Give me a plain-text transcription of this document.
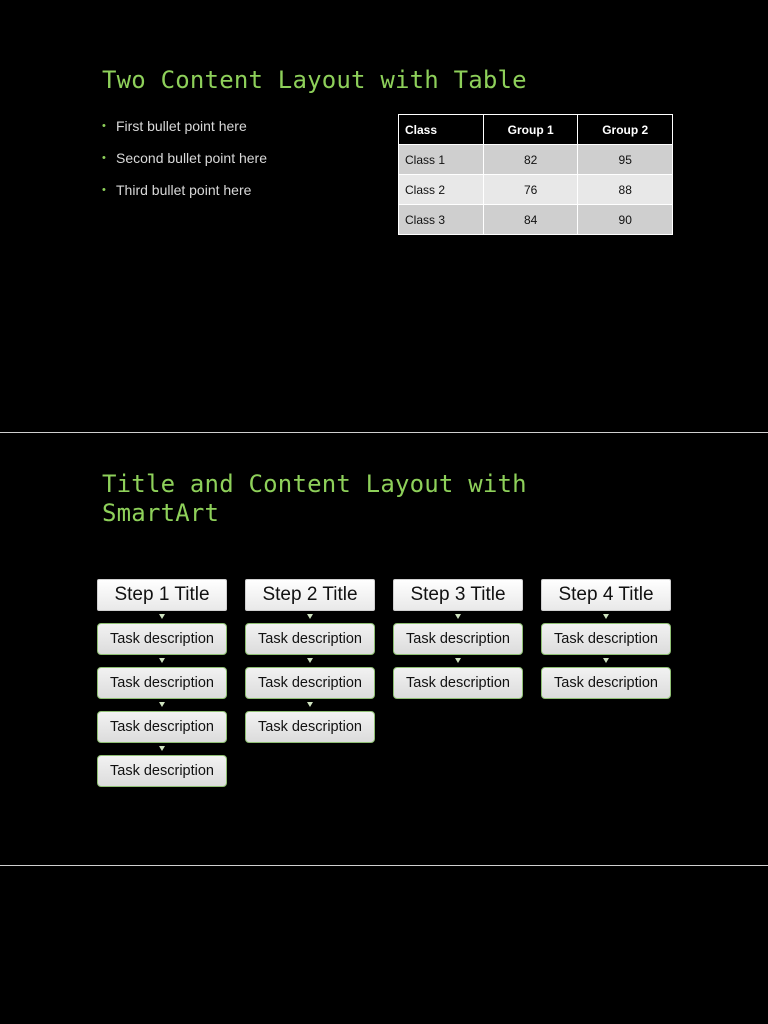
Two Content Layout with Table
• First bullet point here
• Second bullet point here
• Third bullet point here
Class	Group 1	Group 2
Class 1	82	95
Class 2	76	88
Class 3	84	90
Title and Content Layout with SmartArt
Step 1 Title
Task description
Task description
Task description
Task description
Step 2 Title
Task description
Task description
Task description
Step 3 Title
Task description
Task description
Step 4 Title
Task description
Task description
